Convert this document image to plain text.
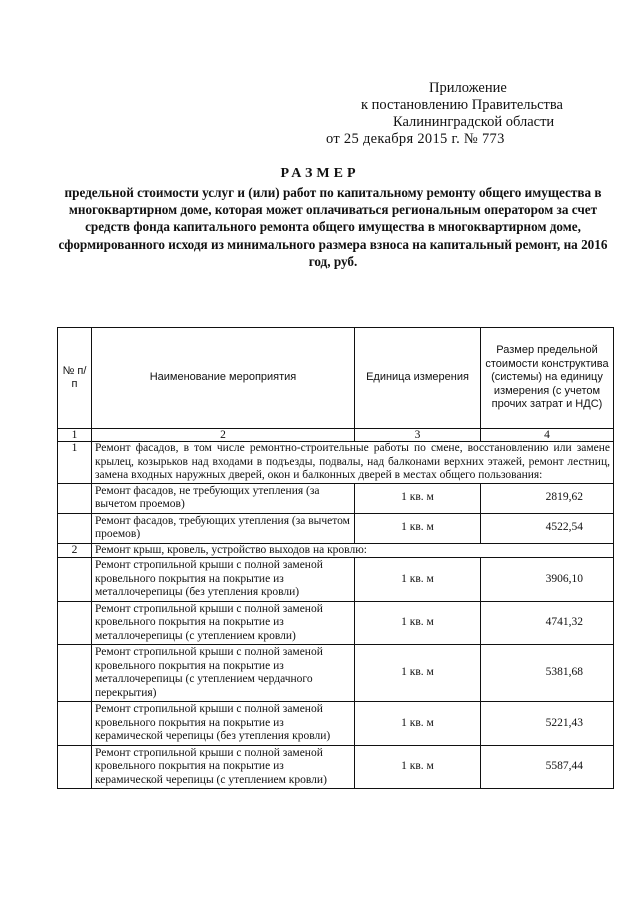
Приложение
к постановлению Правительства
Калининградской области
от 25 декабря 2015 г. № 773
РАЗМЕР
предельной стоимости услуг и (или) работ по капитальному ремонту общего имущества в многоквартирном доме, которая может оплачиваться региональным оператором за счет средств фонда капитального ремонта общего имущества в многоквартирном доме, сформированного исходя из минимального размера взноса на капитальный ремонт, на 2016 год, руб.
№ п/п	Наименование мероприятия	Единица измерения	Размер предельной стоимости конструктива (системы) на единицу измерения (с учетом прочих затрат и НДС)
1	2	3	4
1	Ремонт фасадов, в том числе ремонтно-строительные работы по смене, восстановлению или замене крылец, козырьков над входами в подъезды, подвалы, над балконами верхних этажей, ремонт лестниц, замена входных наружных дверей, окон и балконных дверей в местах общего пользования:		
	Ремонт фасадов, не требующих утепления (за вычетом проемов)	1 кв. м	2819,62
	Ремонт фасадов, требующих утепления (за вычетом проемов)	1 кв. м	4522,54
2	Ремонт крыш, кровель, устройство выходов на кровлю:		
	Ремонт стропильной крыши с полной заменой кровельного покрытия на покрытие из металлочерепицы (без утепления кровли)	1 кв. м	3906,10
	Ремонт стропильной крыши с полной заменой кровельного покрытия на покрытие из металлочерепицы (с утеплением кровли)	1 кв. м	4741,32
	Ремонт стропильной крыши с полной заменой кровельного покрытия на покрытие из металлочерепицы (с утеплением чердачного перекрытия)	1 кв. м	5381,68
	Ремонт стропильной крыши с полной заменой кровельного покрытия на покрытие из керамической черепицы (без утепления кровли)	1 кв. м	5221,43
	Ремонт стропильной крыши с полной заменой кровельного покрытия на покрытие из керамической черепицы (с утеплением кровли)	1 кв. м	5587,44
